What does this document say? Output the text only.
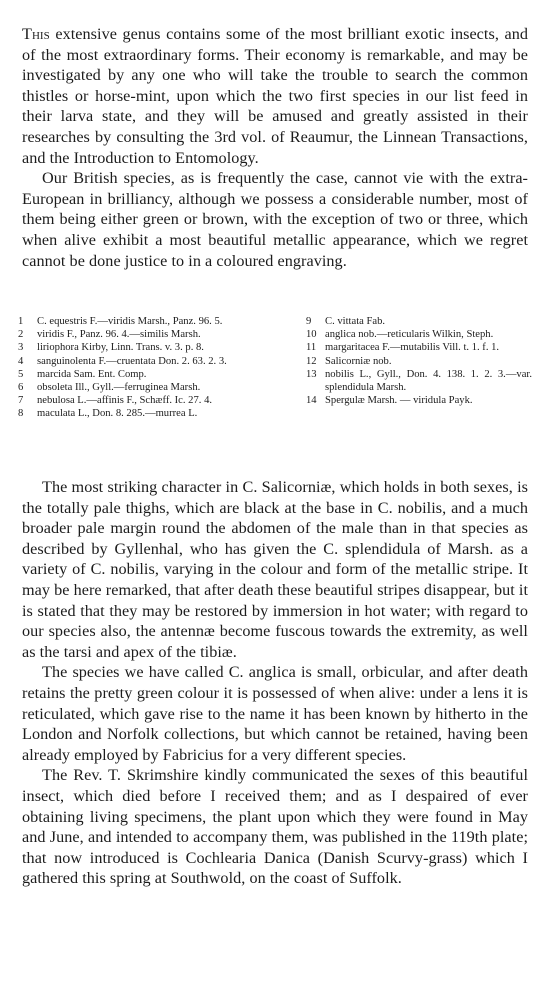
This extensive genus contains some of the most brilliant exotic insects, and of the most extraordinary forms. Their economy is remarkable, and may be investigated by any one who will take the trouble to search the common thistles or horse-mint, upon which the two first species in our list feed in their larva state, and they will be amused and greatly assisted in their researches by consulting the 3rd vol. of Reaumur, the Linnean Transactions, and the Introduction to Entomology.

Our British species, as is frequently the case, cannot vie with the extra-European in brilliancy, although we possess a considerable number, most of them being either green or brown, with the exception of two or three, which when alive exhibit a most beautiful metallic appearance, which we regret cannot be done justice to in a coloured engraving.

1 C. equestris F.—viridis Marsh., Panz. 96. 5.

2 viridis F., Panz. 96. 4.—similis Marsh.

3 liriophora Kirby, Linn. Trans. v. 3. p. 8.

4 sanguinolenta F.—cruentata Don. 2. 63. 2. 3.

5 marcida Sam. Ent. Comp.

6 obsoleta Ill., Gyll.—ferruginea Marsh.

7 nebulosa L.—affinis F., Schæff. Ic. 27. 4.

8 maculata L., Don. 8. 285.—murrea L.

9 C. vittata Fab.

10 anglica nob.—reticularis Wilkin, Steph.

11 margaritacea F.—mutabilis Vill. t. 1. f. 1.

12 Salicorniæ nob.

13 nobilis L., Gyll., Don. 4. 138. 1. 2. 3.—var. splendidula Marsh.

14 Spergulæ Marsh. — viridula Payk.

The most striking character in C. Salicorniæ, which holds in both sexes, is the totally pale thighs, which are black at the base in C. nobilis, and a much broader pale margin round the abdomen of the male than in that species as described by Gyllenhal, who has given the C. splendidula of Marsh. as a variety of C. nobilis, varying in the colour and form of the metallic stripe. It may be here remarked, that after death these beautiful stripes disappear, but it is stated that they may be restored by immersion in hot water; with regard to our species also, the antennæ become fuscous towards the extremity, as well as the tarsi and apex of the tibiæ.

The species we have called C. anglica is small, orbicular, and after death retains the pretty green colour it is possessed of when alive: under a lens it is reticulated, which gave rise to the name it has been known by hitherto in the London and Norfolk collections, but which cannot be retained, having been already employed by Fabricius for a very different species.

The Rev. T. Skrimshire kindly communicated the sexes of this beautiful insect, which died before I received them; and as I despaired of ever obtaining living specimens, the plant upon which they were found in May and June, and intended to accompany them, was published in the 119th plate; that now introduced is Cochlearia Danica (Danish Scurvy-grass) which I gathered this spring at Southwold, on the coast of Suffolk.
